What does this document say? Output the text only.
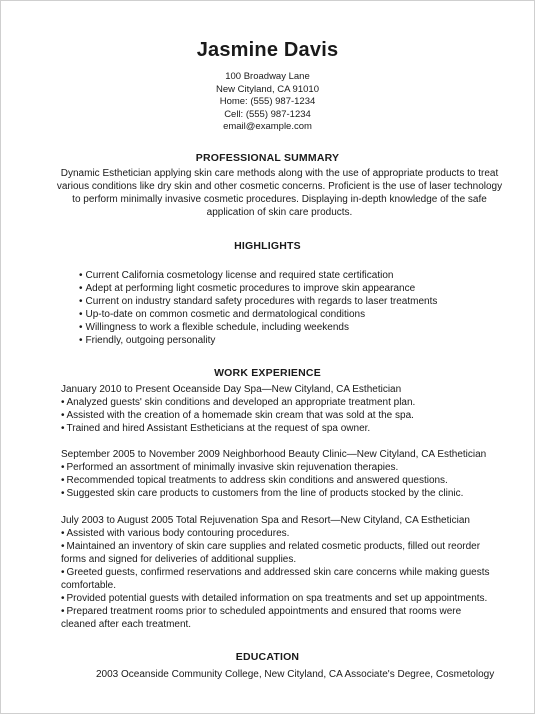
Jasmine Davis
100 Broadway Lane
New Cityland, CA 91010
Home: (555) 987-1234
Cell: (555) 987-1234
email@example.com
PROFESSIONAL SUMMARY
Dynamic Esthetician applying skin care methods along with the use of appropriate products to treat
various conditions like dry skin and other cosmetic concerns. Proficient is the use of laser technology
to perform minimally invasive cosmetic procedures. Displaying in-depth knowledge of the safe
application of skin care products.
HIGHLIGHTS
• Current California cosmetology license and required state certification
• Adept at performing light cosmetic procedures to improve skin appearance
• Current on industry standard safety procedures with regards to laser treatments
• Up-to-date on common cosmetic and dermatological conditions
• Willingness to work a flexible schedule, including weekends
• Friendly, outgoing personality
WORK EXPERIENCE
January 2010 to Present Oceanside Day Spa—New Cityland, CA Esthetician
• Analyzed guests' skin conditions and developed an appropriate treatment plan.
• Assisted with the creation of a homemade skin cream that was sold at the spa.
• Trained and hired Assistant Estheticians at the request of spa owner.
September 2005 to November 2009 Neighborhood Beauty Clinic—New Cityland, CA Esthetician
• Performed an assortment of minimally invasive skin rejuvenation therapies.
• Recommended topical treatments to address skin conditions and answered questions.
• Suggested skin care products to customers from the line of products stocked by the clinic.
July 2003 to August 2005 Total Rejuvenation Spa and Resort—New Cityland, CA Esthetician
• Assisted with various body contouring procedures.
• Maintained an inventory of skin care supplies and related cosmetic products, filled out reorder
forms and signed for deliveries of additional supplies.
• Greeted guests, confirmed reservations and addressed skin care concerns while making guests
comfortable.
• Provided potential guests with detailed information on spa treatments and set up appointments.
• Prepared treatment rooms prior to scheduled appointments and ensured that rooms were
cleaned after each treatment.
EDUCATION
2003 Oceanside Community College, New Cityland, CA Associate's Degree, Cosmetology
